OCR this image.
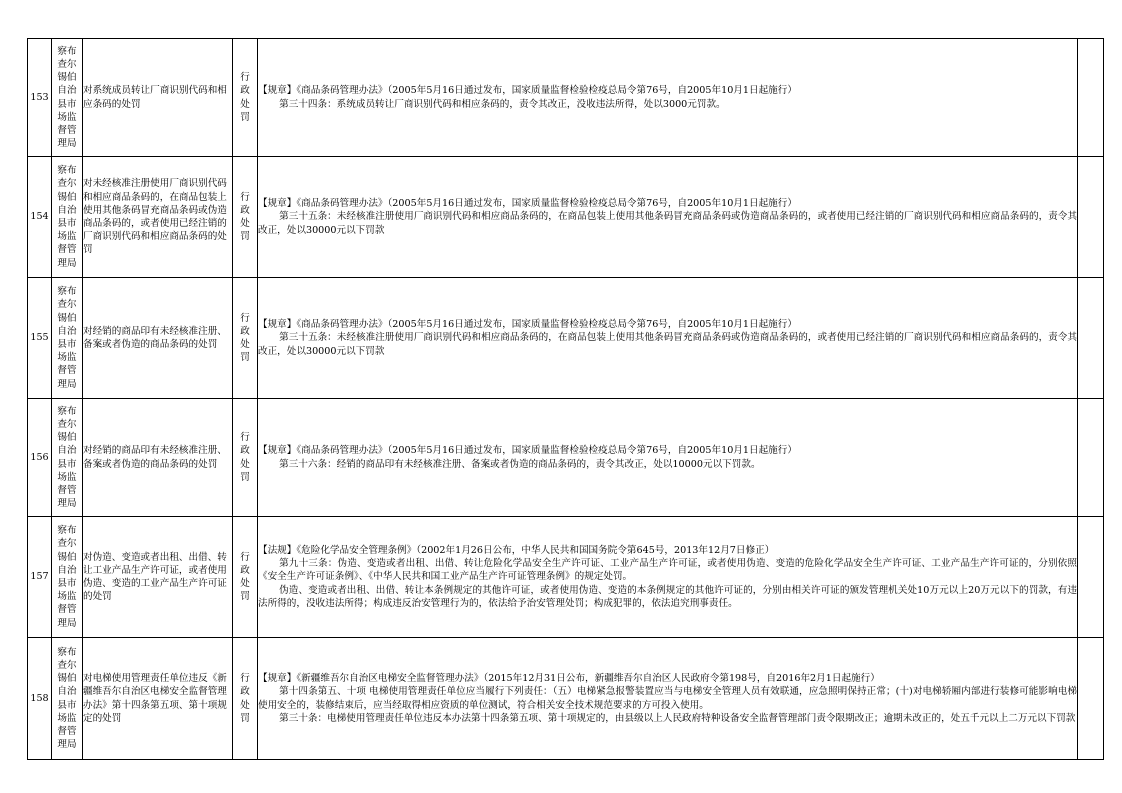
153	察布查尔锡伯自治县市场监督管理局	对系统成员转让厂商识别代码和相应条码的处罚	行政处罚	【规章】《商品条码管理办法》（2005年5月16日通过发布，国家质量监督检验检疫总局令第76号，自2005年10月1日起施行）

第三十四条：系统成员转让厂商识别代码和相应条码的，责令其改正，没收违法所得，处以3000元罚款。	

154	察布查尔锡伯自治县市场监督管理局	对未经核准注册使用厂商识别代码和相应商品条码的，在商品包装上使用其他条码冒充商品条码或伪造商品条码的，或者使用已经注销的厂商识别代码和相应商品条码的处罚	行政处罚	【规章】《商品条码管理办法》（2005年5月16日通过发布，国家质量监督检验检疫总局令第76号，自2005年10月1日起施行）

第三十五条：未经核准注册使用厂商识别代码和相应商品条码的，在商品包装上使用其他条码冒充商品条码或伪造商品条码的，或者使用已经注销的厂商识别代码和相应商品条码的，责令其改正，处以30000元以下罚款	

155	察布查尔锡伯自治县市场监督管理局	对经销的商品印有未经核准注册、备案或者伪造的商品条码的处罚	行政处罚	【规章】《商品条码管理办法》（2005年5月16日通过发布，国家质量监督检验检疫总局令第76号，自2005年10月1日起施行）

第三十五条：未经核准注册使用厂商识别代码和相应商品条码的，在商品包装上使用其他条码冒充商品条码或伪造商品条码的，或者使用已经注销的厂商识别代码和相应商品条码的，责令其改正，处以30000元以下罚款	

156	察布查尔锡伯自治县市场监督管理局	对经销的商品印有未经核准注册、备案或者伪造的商品条码的处罚	行政处罚	【规章】《商品条码管理办法》（2005年5月16日通过发布，国家质量监督检验检疫总局令第76号，自2005年10月1日起施行）

第三十六条：经销的商品印有未经核准注册、备案或者伪造的商品条码的，责令其改正，处以10000元以下罚款。	

157	察布查尔锡伯自治县市场监督管理局	对伪造、变造或者出租、出借、转让工业产品生产许可证，或者使用伪造、变造的工业产品生产许可证的处罚	行政处罚	【法规】《危险化学品安全管理条例》（2002年1月26日公布，中华人民共和国国务院令第645号，2013年12月7日修正）

第九十三条：伪造、变造或者出租、出借、转让危险化学品安全生产许可证、工业产品生产许可证，或者使用伪造、变造的危险化学品安全生产许可证、工业产品生产许可证的，分别依照《安全生产许可证条例》、《中华人民共和国工业产品生产许可证管理条例》的规定处罚。

伪造、变造或者出租、出借、转让本条例规定的其他许可证，或者使用伪造、变造的本条例规定的其他许可证的，分别由相关许可证的颁发管理机关处10万元以上20万元以下的罚款，有违法所得的，没收违法所得；构成违反治安管理行为的，依法给予治安管理处罚；构成犯罪的，依法追究刑事责任。	

158	察布查尔锡伯自治县市场监督管理局	对电梯使用管理责任单位违反《新疆维吾尔自治区电梯安全监督管理办法》第十四条第五项、第十项规定的处罚	行政处罚	【规章】《新疆维吾尔自治区电梯安全监督管理办法》（2015年12月31日公布，新疆维吾尔自治区人民政府令第198号，自2016年2月1日起施行）

第十四条第五、十项 电梯使用管理责任单位应当履行下列责任：（五）电梯紧急报警装置应当与电梯安全管理人员有效联通，应急照明保持正常；(十)对电梯轿厢内部进行装修可能影响电梯使用安全的，装修结束后，应当经取得相应资质的单位测试，符合相关安全技术规范要求的方可投入使用。

第三十条：电梯使用管理责任单位违反本办法第十四条第五项、第十项规定的，由县级以上人民政府特种设备安全监督管理部门责令限期改正；逾期未改正的，处五千元以上二万元以下罚款	
